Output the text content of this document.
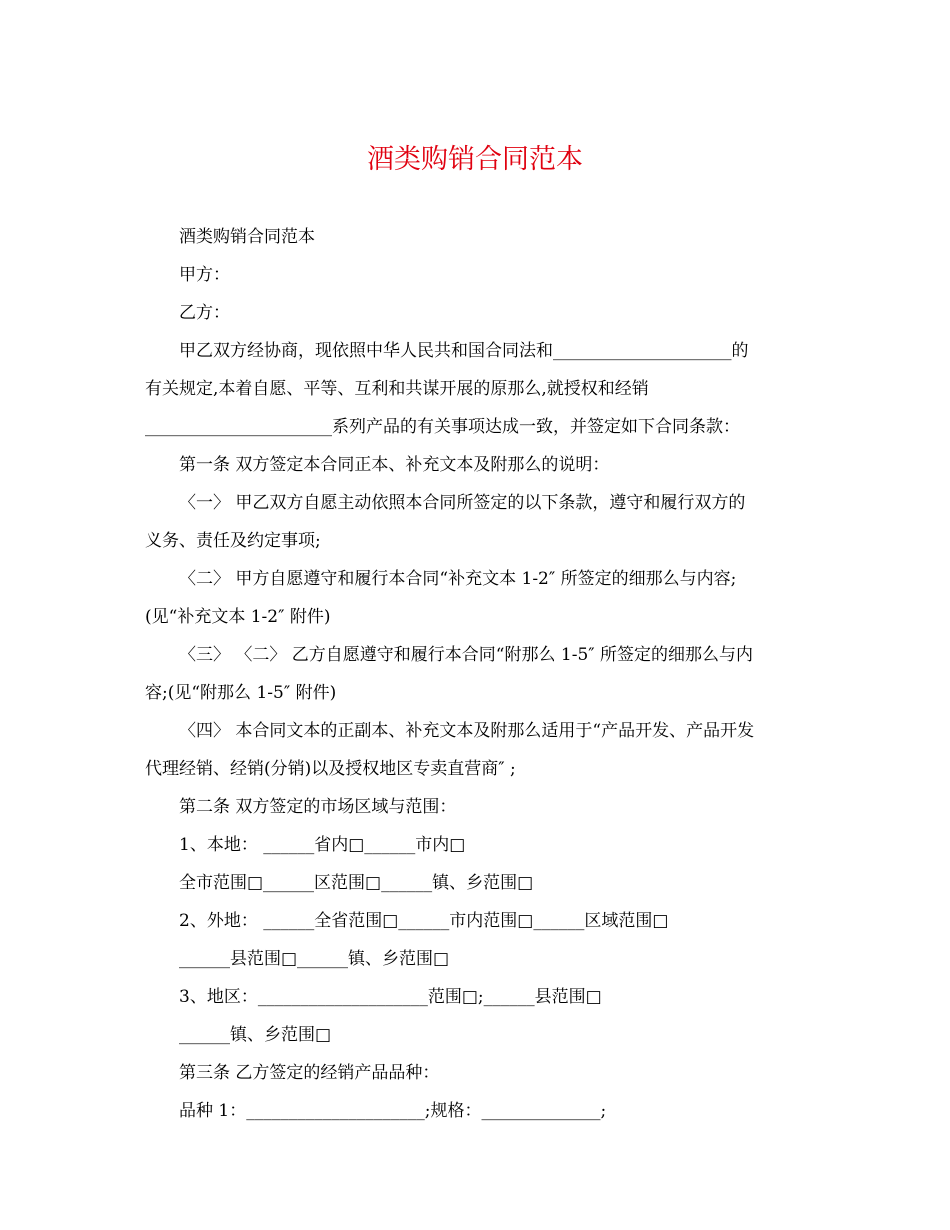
酒类购销合同范本
酒类购销合同范本
甲方：
乙方：
甲乙双方经协商，现依照中华人民共和国合同法和_____________________的
有关规定,本着自愿、平等、互利和共谋开展的原那么,就授权和经销
______________________系列产品的有关事项达成一致，并签定如下合同条款：
第一条 双方签定本合同正本、补充文本及附那么的说明：
〈一〉 甲乙双方自愿主动依照本合同所签定的以下条款，遵守和履行双方的
义务、责任及约定事项;
〈二〉 甲方自愿遵守和履行本合同“补充文本 1-2″ 所签定的细那么与内容;
(见“补充文本 1-2″ 附件)
〈三〉 〈二〉 乙方自愿遵守和履行本合同“附那么 1-5″ 所签定的细那么与内
容;(见“附那么 1-5″ 附件)
〈四〉 本合同文本的正副本、补充文本及附那么适用于“产品开发、产品开发
代理经销、经销(分销)以及授权地区专卖直营商″ ;
第二条 双方签定的市场区域与范围：
1、本地： ______省内□______市内□
全市范围□______区范围□______镇、乡范围□
2、外地： ______全省范围□______市内范围□______区域范围□
______县范围□______镇、乡范围□
3、地区：____________________范围□;______县范围□
______镇、乡范围□
第三条 乙方签定的经销产品品种：
品种 1：_____________________;规格：______________;
